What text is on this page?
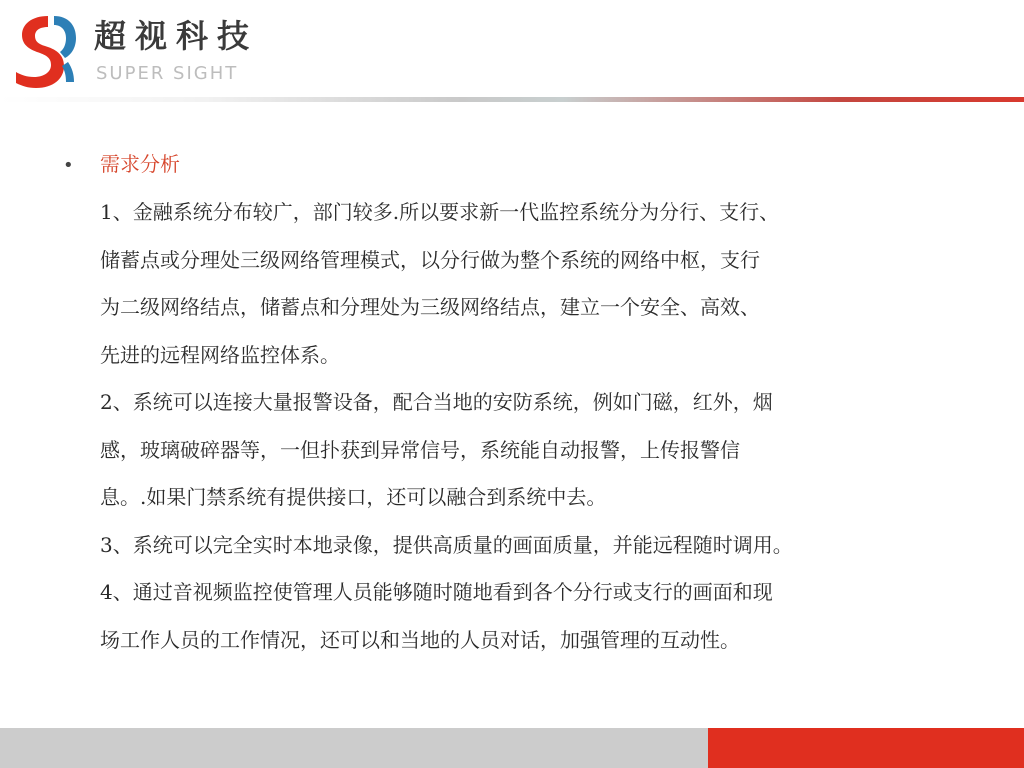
超视科技
SUPER SIGHT
• 需求分析
1、金融系统分布较广，部门较多.所以要求新一代监控系统分为分行、支行、
储蓄点或分理处三级网络管理模式，以分行做为整个系统的网络中枢，支行
为二级网络结点，储蓄点和分理处为三级网络结点，建立一个安全、高效、
先进的远程网络监控体系。
2、系统可以连接大量报警设备，配合当地的安防系统，例如门磁，红外，烟
感，玻璃破碎器等，一但扑获到异常信号，系统能自动报警，上传报警信
息。.如果门禁系统有提供接口，还可以融合到系统中去。
3、系统可以完全实时本地录像，提供高质量的画面质量，并能远程随时调用。
4、通过音视频监控使管理人员能够随时随地看到各个分行或支行的画面和现
场工作人员的工作情况，还可以和当地的人员对话，加强管理的互动性。
